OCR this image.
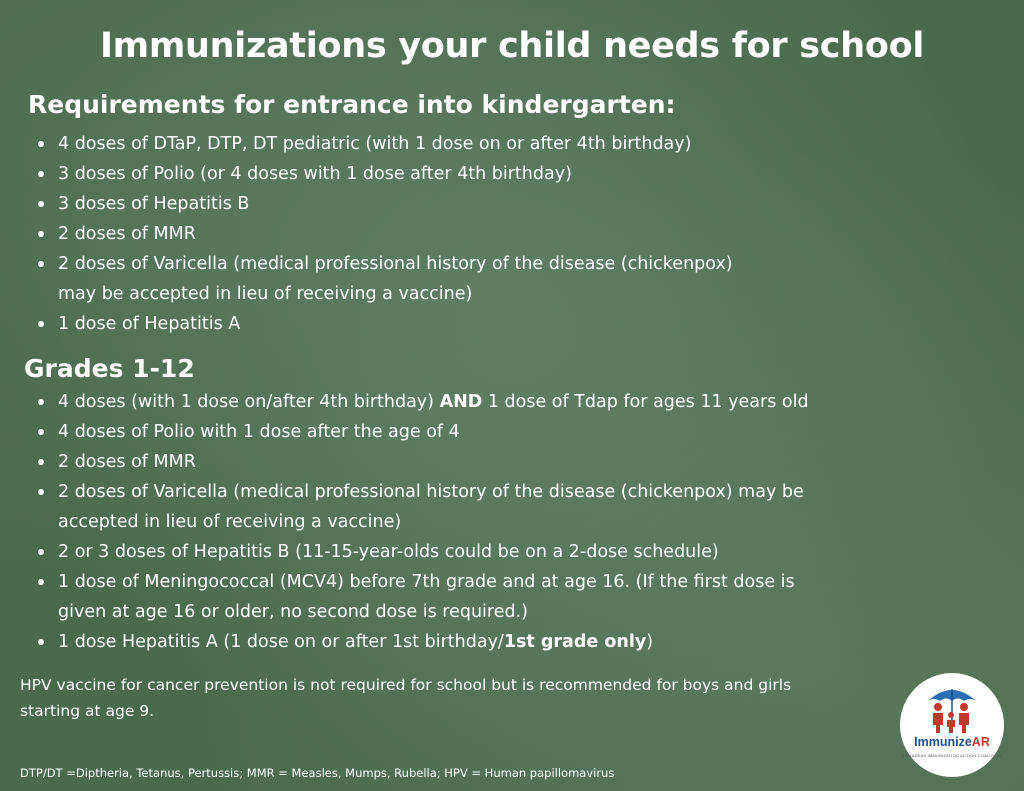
Immunizations your child needs for school
Requirements for entrance into kindergarten:
4 doses of DTaP, DTP, DT pediatric (with 1 dose on or after 4th birthday)
3 doses of Polio (or 4 doses with 1 dose after 4th birthday)
3 doses of Hepatitis B
2 doses of MMR
2 doses of Varicella (medical professional history of the disease (chickenpox)
may be accepted in lieu of receiving a vaccine)
1 dose of Hepatitis A
Grades 1-12
4 doses (with 1 dose on/after 4th birthday) AND 1 dose of Tdap for ages 11 years old
4 doses of Polio with 1 dose after the age of 4
2 doses of MMR
2 doses of Varicella (medical professional history of the disease (chickenpox) may be
accepted in lieu of receiving a vaccine)
2 or 3 doses of Hepatitis B (11-15-year-olds could be on a 2-dose schedule)
1 dose of Meningococcal (MCV4) before 7th grade and at age 16. (If the first dose is
given at age 16 or older, no second dose is required.)
1 dose Hepatitis A (1 dose on or after 1st birthday/1st grade only)

HPV vaccine for cancer prevention is not required for school but is recommended for boys and girls
starting at age 9.

DTP/DT =Diptheria, Tetanus, Pertussis; MMR = Measles, Mumps, Rubella; HPV = Human papillomavirus

ImmunizeAR
ARKANSAS IMMUNIZATION ACTION COALITION
